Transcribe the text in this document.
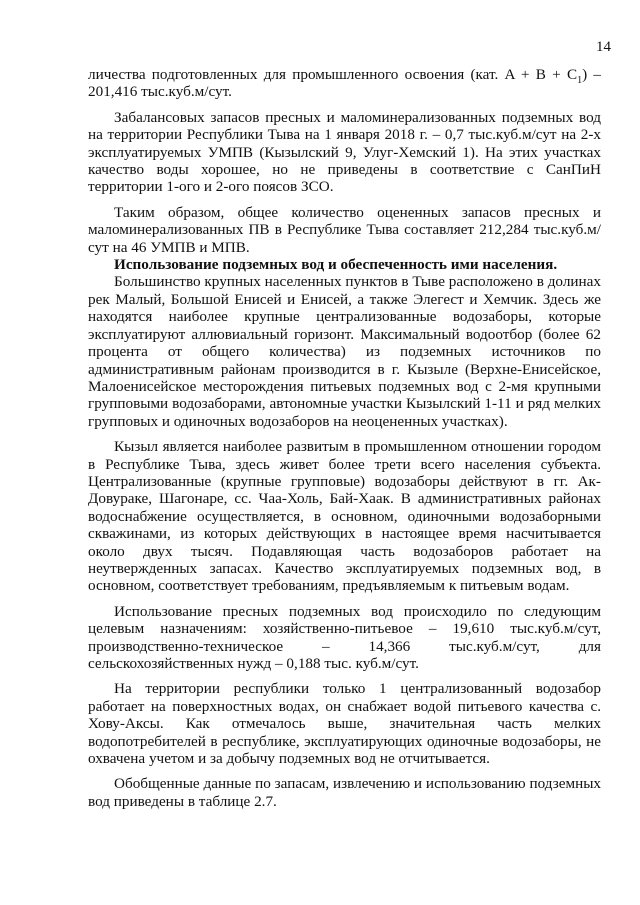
14

личества подготовленных для промышленного освоения (кат. $A + B + C_1) - 201,416$ тыс.куб.м/сут.

Забалансовых запасов пресных и маломинерализованных подземных вод на территории Республики Тыва на 1 января 2018 г. – 0,7 тыс.куб.м/сут на 2-х эксплуатируемых УМПВ (Кызылский 9, Улуг-Хемский 1). На этих участках качество воды хорошее, но не приведены в соответствие с СанПиН территории 1-ого и 2-ого поясов ЗСО.

Таким образом, общее количество оцененных запасов пресных и маломинерализованных ПВ в Республике Тыва составляет 212,284 тыс.куб.м/сут на 46 УМПВ и МПВ.

Использование подземных вод и обеспеченность ими населения.

Большинство крупных населенных пунктов в Тыве расположено в долинах рек Малый, Большой Енисей и Енисей, а также Элегест и Хемчик. Здесь же находятся наиболее крупные централизованные водозаборы, которые эксплуатируют аллювиальный горизонт. Максимальный водоотбор (более 62 процента от общего количества) из подземных источников по административным районам производится в г. Кызыле (Верхне-Енисейское, Малоенисейское месторождения питьевых подземных вод с 2-мя крупными групповыми водозаборами, автономные участки Кызылский 1-11 и ряд мелких групповых и одиночных водозаборов на неоцененных участках).

Кызыл является наиболее развитым в промышленном отношении городом в Республике Тыва, здесь живет более трети всего населения субъекта. Централизованные (крупные групповые) водозаборы действуют в гг. Ак-Довураке, Шагонаре, сс. Чаа-Холь, Бай-Хаак. В административных районах водоснабжение осуществляется, в основном, одиночными водозаборными скважинами, из которых действующих в настоящее время насчитывается около двух тысяч. Подавляющая часть водозаборов работает на неутвержденных запасах. Качество эксплуатируемых подземных вод, в основном, соответствует требованиям, предъявляемым к питьевым водам.

Использование пресных подземных вод происходило по следующим целевым назначениям: хозяйственно-питьевое – 19,610 тыс.куб.м/сут, производственно-техническое – 14,366 тыс.куб.м/сут, для сельскохозяйственных нужд – 0,188 тыс. куб.м/сут.

На территории республики только 1 централизованный водозабор работает на поверхностных водах, он снабжает водой питьевого качества с. Хову-Аксы. Как отмечалось выше, значительная часть мелких водопотребителей в республике, эксплуатирующих одиночные водозаборы, не охвачена учетом и за добычу подземных вод не отчитывается.

Обобщенные данные по запасам, извлечению и использованию подземных вод приведены в таблице 2.7.
